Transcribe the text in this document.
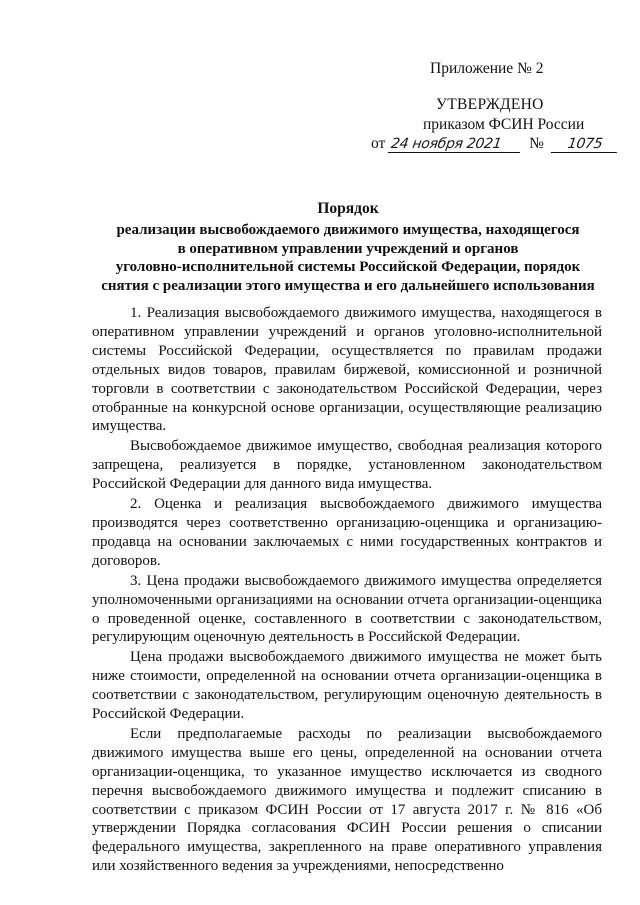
Приложение № 2
УТВЕРЖДЕНО
приказом ФСИН России
от 24 ноября 2021 № 1075
Порядок
реализации высвобождаемого движимого имущества, находящегося
в оперативном управлении учреждений и органов
уголовно-исполнительной системы Российской Федерации, порядок
снятия с реализации этого имущества и его дальнейшего использования

1. Реализация высвобождаемого движимого имущества, находящегося в оперативном управлении учреждений и органов уголовно-исполнительной системы Российской Федерации, осуществляется по правилам продажи отдельных видов товаров, правилам биржевой, комиссионной и розничной торговли в соответствии с законодательством Российской Федерации, через отобранные на конкурсной основе организации, осуществляющие реализацию имущества.

Высвобождаемое движимое имущество, свободная реализация которого запрещена, реализуется в порядке, установленном законодательством Российской Федерации для данного вида имущества.

2. Оценка и реализация высвобождаемого движимого имущества производятся через соответственно организацию-оценщика и организацию-продавца на основании заключаемых с ними государственных контрактов и договоров.

3. Цена продажи высвобождаемого движимого имущества определяется уполномоченными организациями на основании отчета организации-оценщика о проведенной оценке, составленного в соответствии с законодательством, регулирующим оценочную деятельность в Российской Федерации.

Цена продажи высвобождаемого движимого имущества не может быть ниже стоимости, определенной на основании отчета организации-оценщика в соответствии с законодательством, регулирующим оценочную деятельность в Российской Федерации.

Если предполагаемые расходы по реализации высвобождаемого движимого имущества выше его цены, определенной на основании отчета организации-оценщика, то указанное имущество исключается из сводного перечня высвобождаемого движимого имущества и подлежит списанию в соответствии с приказом ФСИН России от 17 августа 2017 г. № 816 «Об утверждении Порядка согласования ФСИН России решения о списании федерального имущества, закрепленного на праве оперативного управления или хозяйственного ведения за учреждениями, непосредственно
